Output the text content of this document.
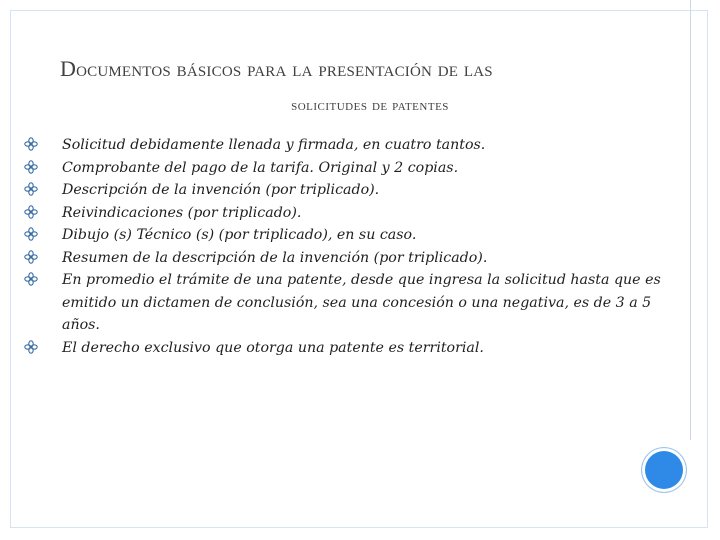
Documentos básicos para la presentación de las
solicitudes de patentes
Solicitud debidamente llenada y firmada, en cuatro tantos.
Comprobante del pago de la tarifa. Original y 2 copias.
Descripción de la invención (por triplicado).
Reivindicaciones (por triplicado).
Dibujo (s) Técnico (s) (por triplicado), en su caso.
Resumen de la descripción de la invención (por triplicado).
En promedio el trámite de una patente, desde que ingresa la solicitud hasta que es emitido un dictamen de conclusión, sea una concesión o una negativa, es de 3 a 5 años.
El derecho exclusivo que otorga una patente es territorial.
